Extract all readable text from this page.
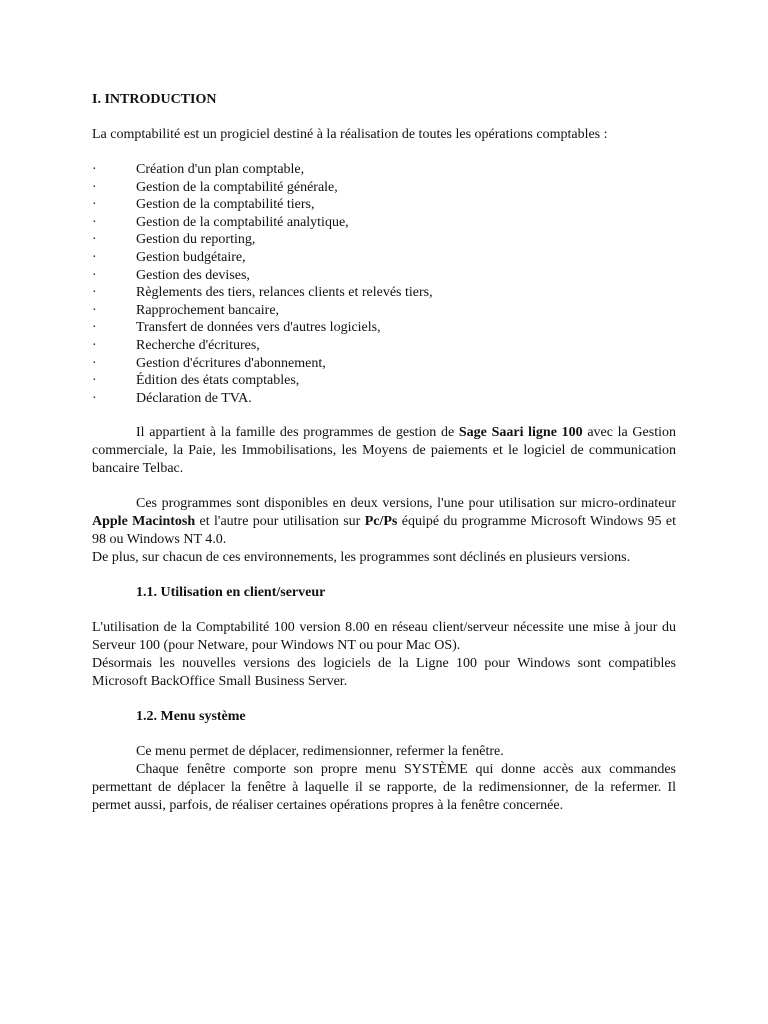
I. INTRODUCTION

La comptabilité est un progiciel destiné à la réalisation de toutes les opérations comptables :

·	Création d'un plan comptable,
·	Gestion de la comptabilité générale,
·	Gestion de la comptabilité tiers,
·	Gestion de la comptabilité analytique,
·	Gestion du reporting,
·	Gestion budgétaire,
·	Gestion des devises,
·	Règlements des tiers, relances clients et relevés tiers,
·	Rapprochement bancaire,
·	Transfert de données vers d'autres logiciels,
·	Recherche d'écritures,
·	Gestion d'écritures d'abonnement,
·	Édition des états comptables,
·	Déclaration de TVA.

Il appartient à la famille des programmes de gestion de Sage Saari ligne 100 avec la Gestion commerciale, la Paie, les Immobilisations, les Moyens de paiements et le logiciel de communication bancaire Telbac.

Ces programmes sont disponibles en deux versions, l'une pour utilisation sur micro-ordinateur Apple Macintosh et l'autre pour utilisation sur Pc/Ps équipé du programme Microsoft Windows 95 et 98 ou Windows NT 4.0.

De plus, sur chacun de ces environnements, les programmes sont déclinés en plusieurs versions.

1.1. Utilisation en client/serveur

L'utilisation de la Comptabilité 100 version 8.00 en réseau client/serveur nécessite une mise à jour du Serveur 100 (pour Netware, pour Windows NT ou pour Mac OS).

Désormais les nouvelles versions des logiciels de la Ligne 100 pour Windows sont compatibles Microsoft BackOffice Small Business Server.

1.2. Menu système

Ce menu permet de déplacer, redimensionner, refermer la fenêtre.

Chaque fenêtre comporte son propre menu SYSTÈME qui donne accès aux commandes permettant de déplacer la fenêtre à laquelle il se rapporte, de la redimensionner, de la refermer. Il permet aussi, parfois, de réaliser certaines opérations propres à la fenêtre concernée.
